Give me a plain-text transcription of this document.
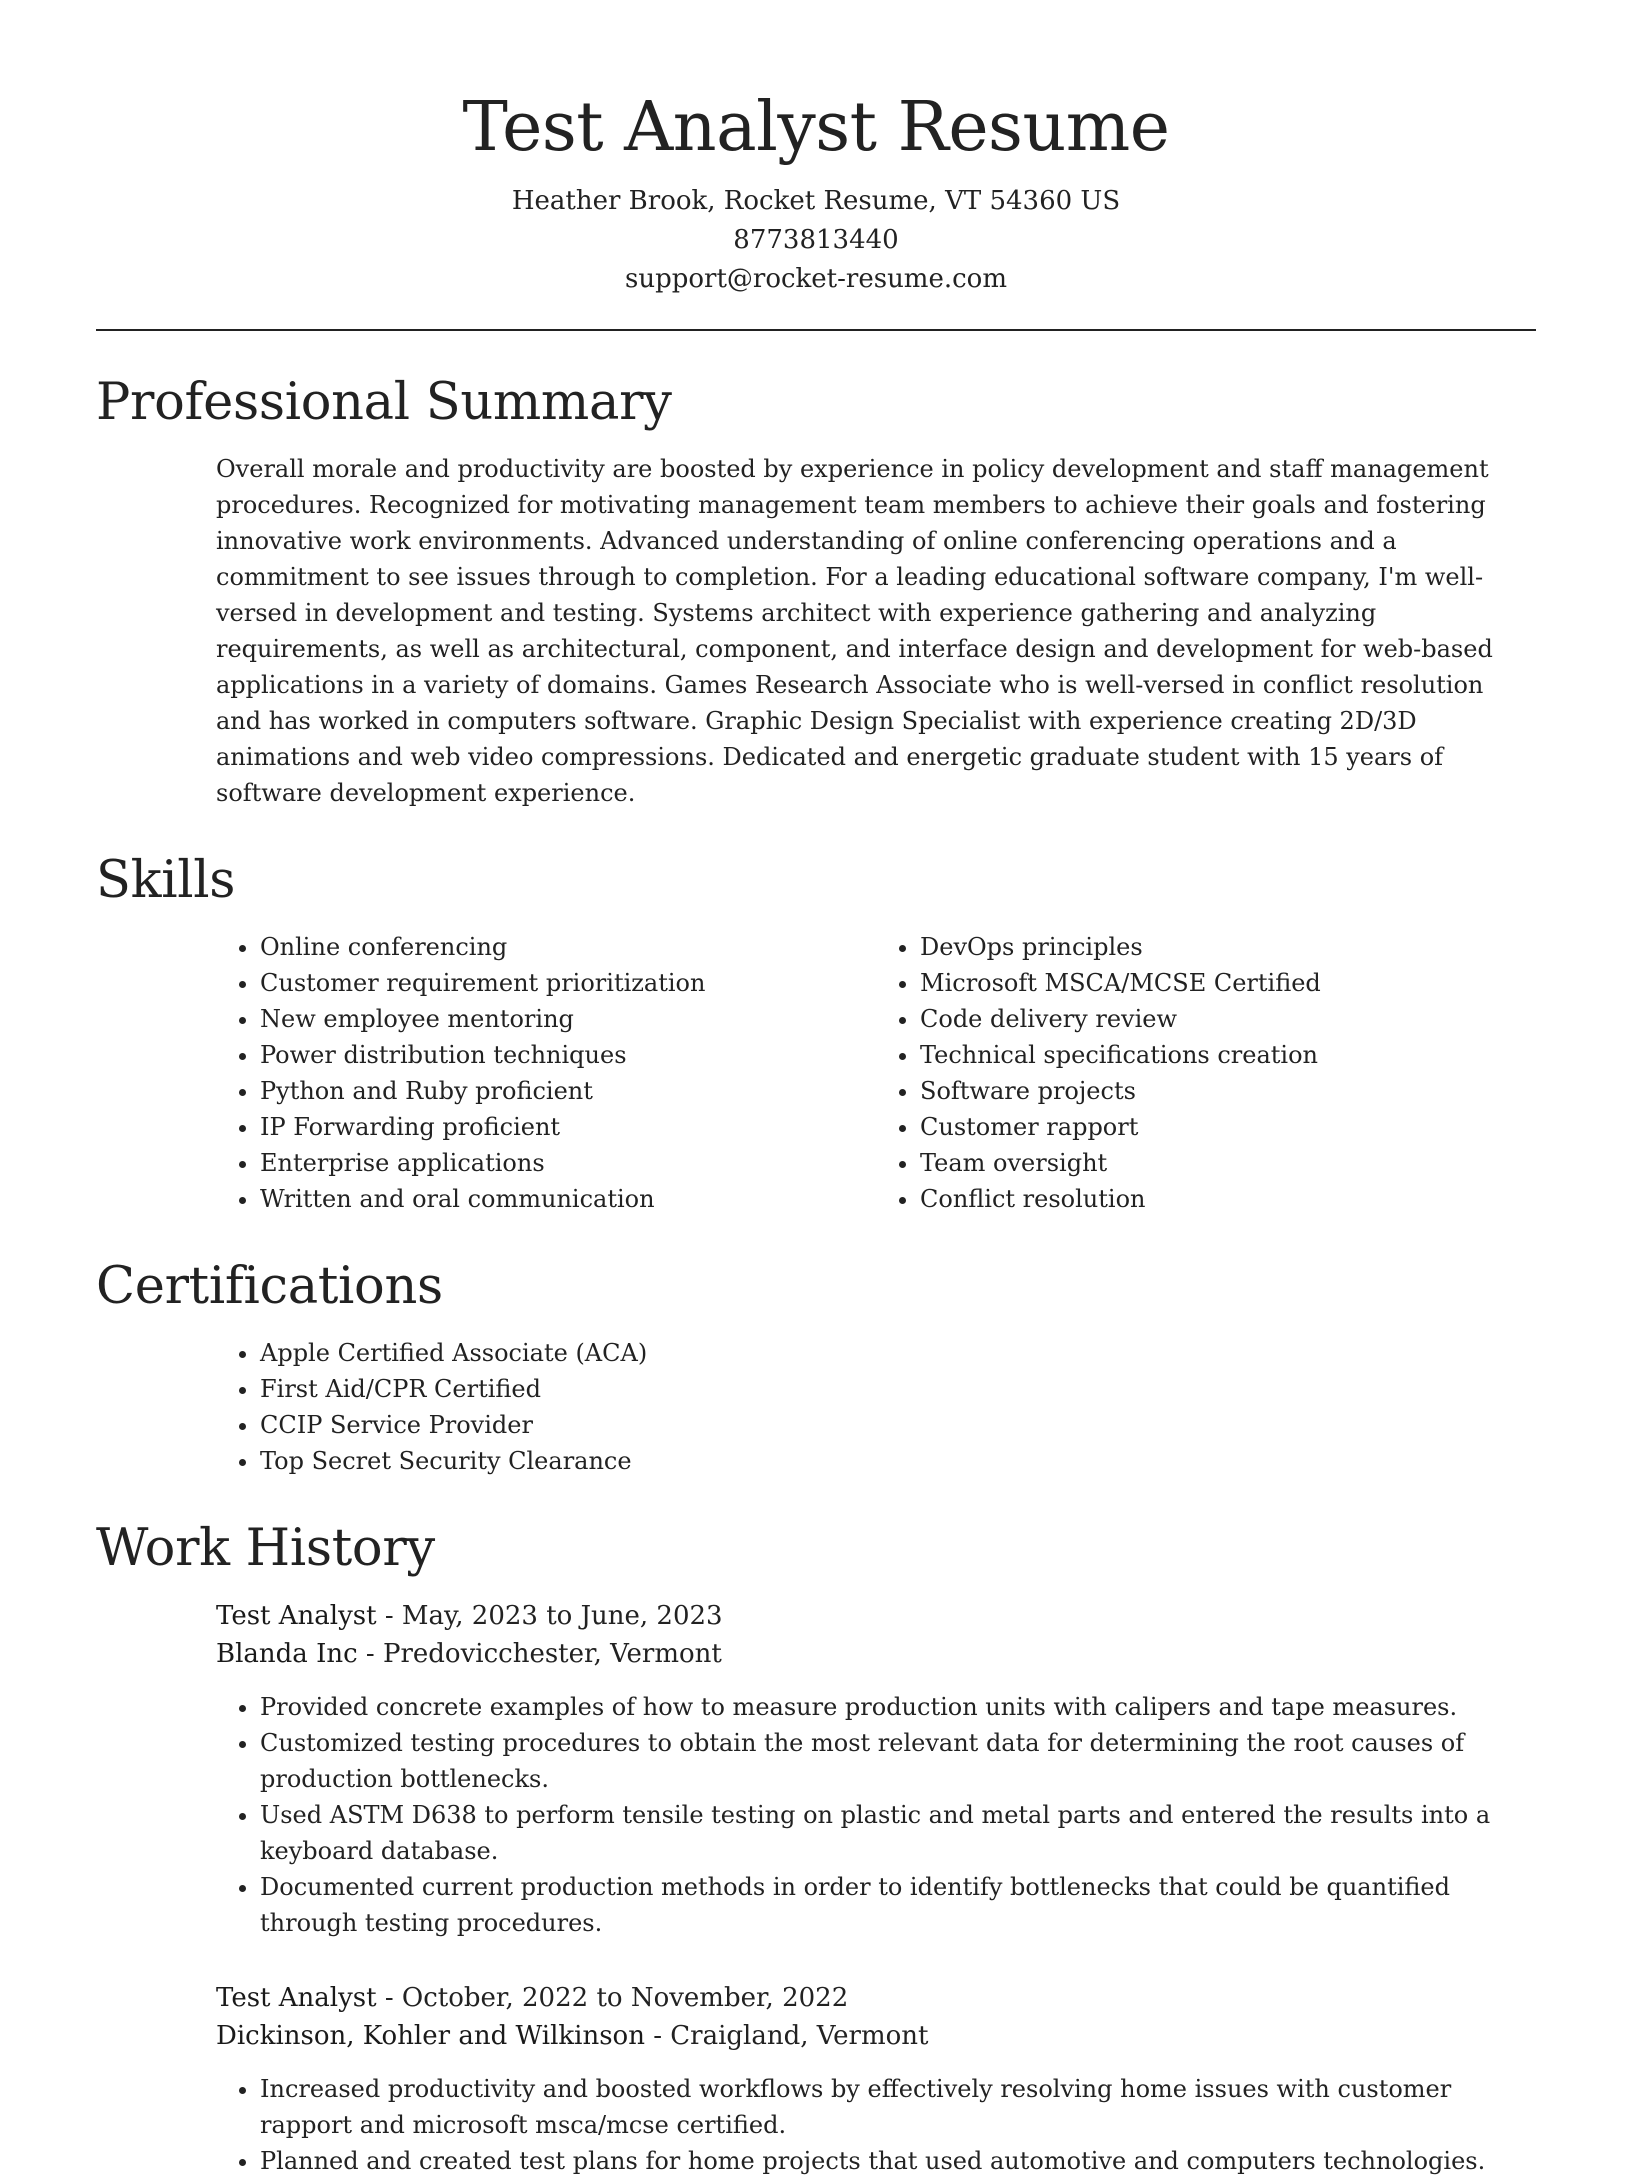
Test Analyst Resume
Heather Brook, Rocket Resume, VT 54360 US
8773813440
support@rocket-resume.com
Professional Summary
Overall morale and productivity are boosted by experience in policy development and staff management procedures. Recognized for motivating management team members to achieve their goals and fostering innovative work environments. Advanced understanding of online conferencing operations and a commitment to see issues through to completion. For a leading educational software company, I'm well-versed in development and testing. Systems architect with experience gathering and analyzing requirements, as well as architectural, component, and interface design and development for web-based applications in a variety of domains. Games Research Associate who is well-versed in conflict resolution and has worked in computers software. Graphic Design Specialist with experience creating 2D/3D animations and web video compressions. Dedicated and energetic graduate student with 15 years of software development experience.
Skills
• Online conferencing
• Customer requirement prioritization
• New employee mentoring
• Power distribution techniques
• Python and Ruby proficient
• IP Forwarding proficient
• Enterprise applications
• Written and oral communication
• DevOps principles
• Microsoft MSCA/MCSE Certified
• Code delivery review
• Technical specifications creation
• Software projects
• Customer rapport
• Team oversight
• Conflict resolution
Certifications
• Apple Certified Associate (ACA)
• First Aid/CPR Certified
• CCIP Service Provider
• Top Secret Security Clearance
Work History
Test Analyst - May, 2023 to June, 2023
Blanda Inc - Predovicchester, Vermont
• Provided concrete examples of how to measure production units with calipers and tape measures.
• Customized testing procedures to obtain the most relevant data for determining the root causes of production bottlenecks.
• Used ASTM D638 to perform tensile testing on plastic and metal parts and entered the results into a keyboard database.
• Documented current production methods in order to identify bottlenecks that could be quantified through testing procedures.
Test Analyst - October, 2022 to November, 2022
Dickinson, Kohler and Wilkinson - Craigland, Vermont
• Increased productivity and boosted workflows by effectively resolving home issues with customer rapport and microsoft msca/mcse certified.
• Planned and created test plans for home projects that used automotive and computers technologies.
